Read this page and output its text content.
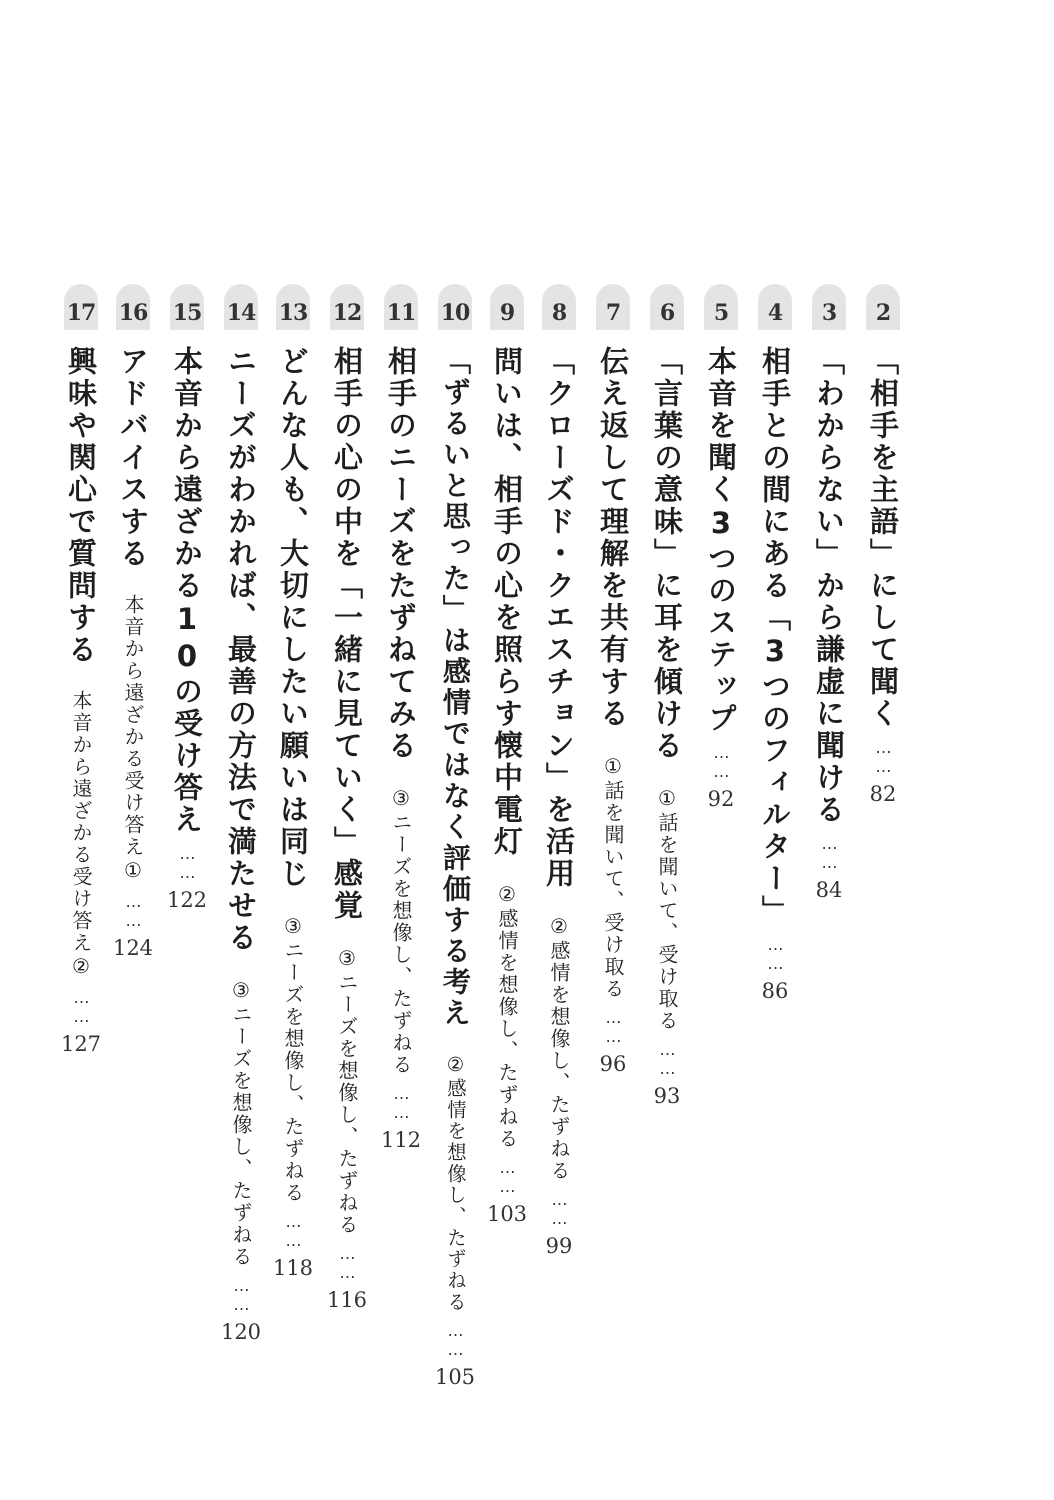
2
「相手を主語」にして聞く……
82
3
「わからない」から謙虚に聞ける……
84
4
相手との間にある「3つのフィルター」……
86
5
本音を聞く3つのステップ……
92
6
「言葉の意味」に耳を傾ける①話を聞いて、受け取る……
93
7
伝え返して理解を共有する①話を聞いて、受け取る……
96
8
「クローズド・クエスチョン」を活用②感情を想像し、たずねる……
99
9
問いは、相手の心を照らす懐中電灯②感情を想像し、たずねる……
103
10
「ずるいと思った」は感情ではなく評価する考え②感情を想像し、たずねる……
105
11
相手のニーズをたずねてみる③ニーズを想像し、たずねる……
112
12
相手の心の中を「一緒に見ていく」感覚③ニーズを想像し、たずねる……
116
13
どんな人も、大切にしたい願いは同じ③ニーズを想像し、たずねる……
118
14
ニーズがわかれば、最善の方法で満たせる③ニーズを想像し、たずねる……
120
15
本音から遠ざかる10の受け答え……
122
16
アドバイスする本音から遠ざかる受け答え①……
124
17
興味や関心で質問する本音から遠ざかる受け答え②……
127
